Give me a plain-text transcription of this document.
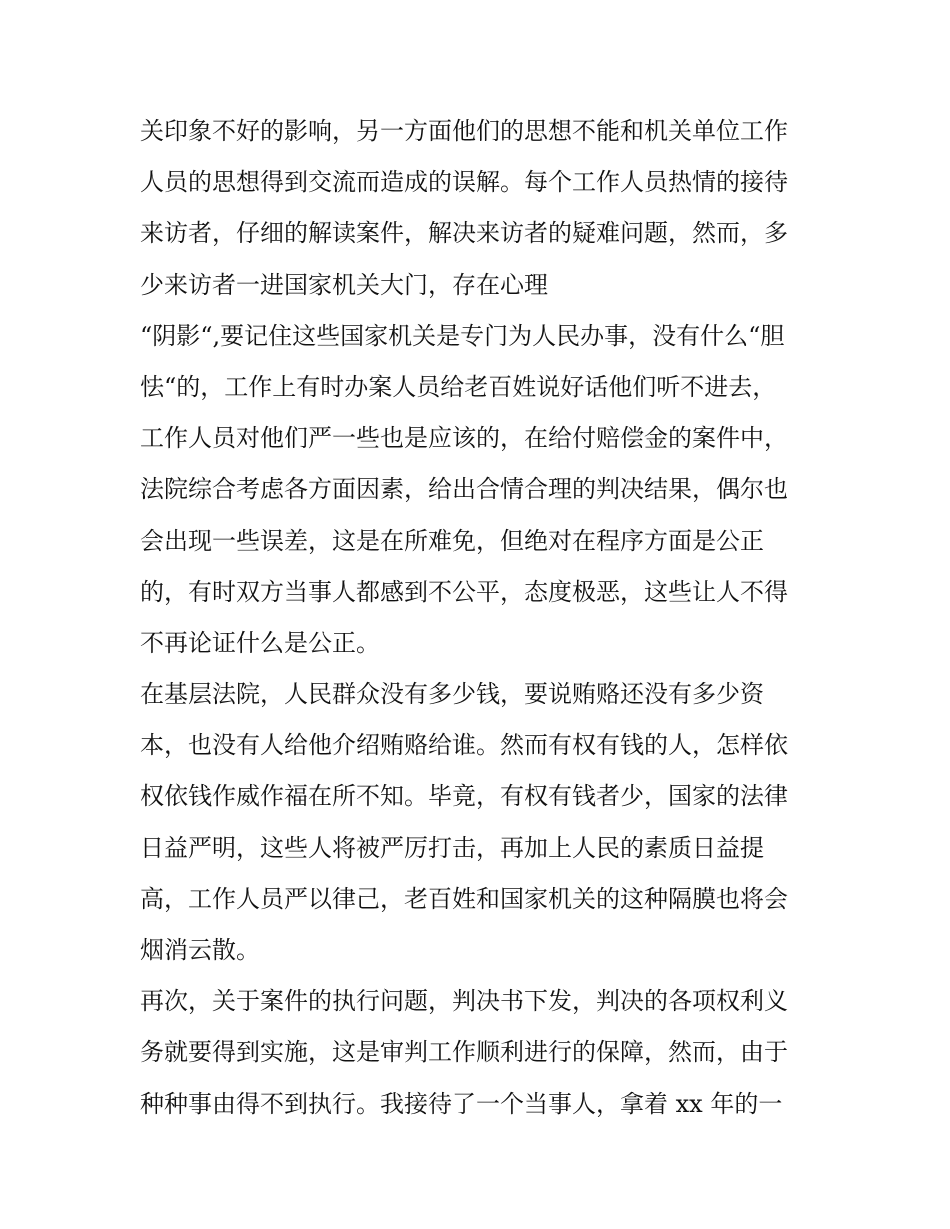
关印象不好的影响，另一方面他们的思想不能和机关单位工作
人员的思想得到交流而造成的误解。每个工作人员热情的接待
来访者，仔细的解读案件，解决来访者的疑难问题，然而，多
少来访者一进国家机关大门，存在心理
“阴影“,要记住这些国家机关是专门为人民办事，没有什么“胆
怯“的，工作上有时办案人员给老百姓说好话他们听不进去，
工作人员对他们严一些也是应该的，在给付赔偿金的案件中，
法院综合考虑各方面因素，给出合情合理的判决结果，偶尔也
会出现一些误差，这是在所难免，但绝对在程序方面是公正
的，有时双方当事人都感到不公平，态度极恶，这些让人不得
不再论证什么是公正。
在基层法院，人民群众没有多少钱，要说贿赂还没有多少资
本，也没有人给他介绍贿赂给谁。然而有权有钱的人，怎样依
权依钱作威作福在所不知。毕竟，有权有钱者少，国家的法律
日益严明，这些人将被严厉打击，再加上人民的素质日益提
高，工作人员严以律己，老百姓和国家机关的这种隔膜也将会
烟消云散。
再次，关于案件的执行问题，判决书下发，判决的各项权利义
务就要得到实施，这是审判工作顺利进行的保障，然而，由于
种种事由得不到执行。我接待了一个当事人，拿着 xx 年的一
